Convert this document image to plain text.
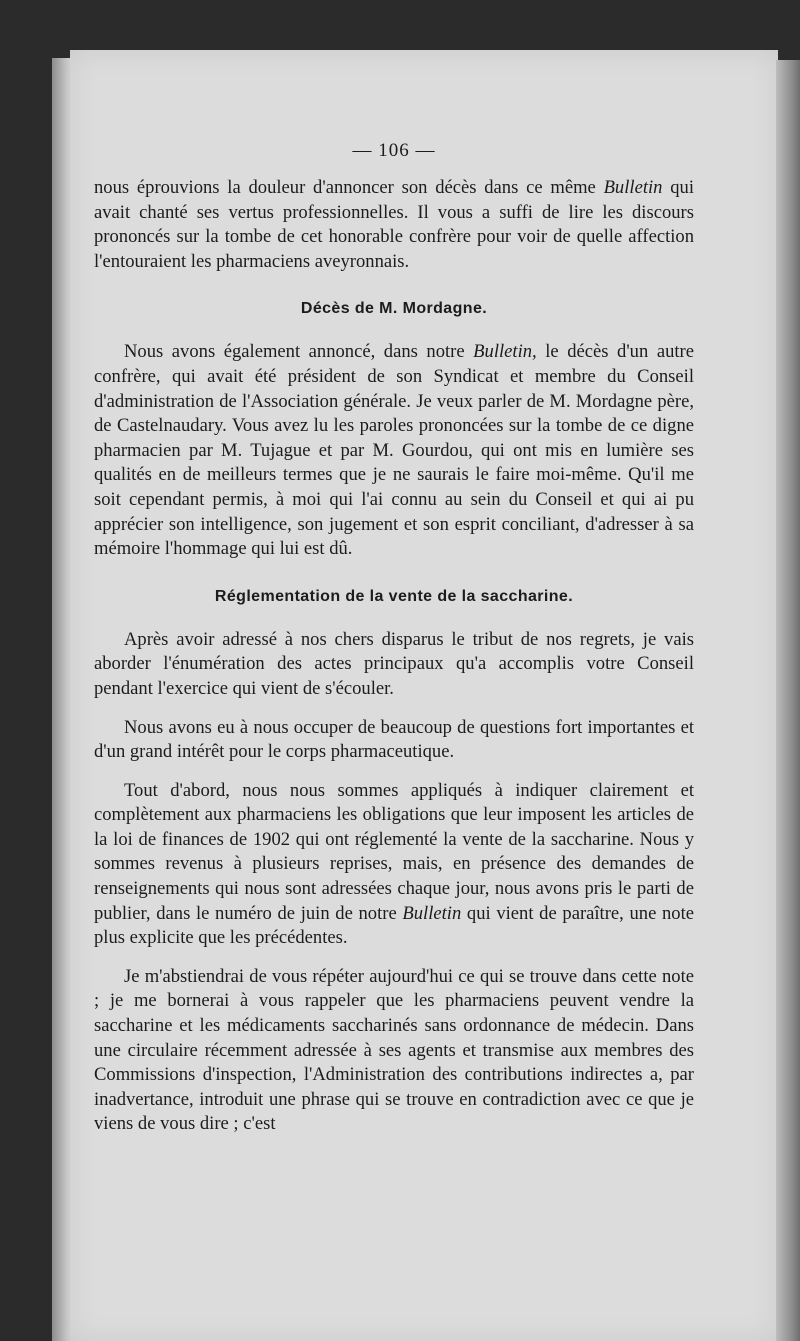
— 106 —

nous éprouvions la douleur d'annoncer son décès dans ce même Bulletin qui avait chanté ses vertus professionnelles. Il vous a suffi de lire les discours prononcés sur la tombe de cet honorable confrère pour voir de quelle affection l'entouraient les pharmaciens aveyronnais.

Décès de M. Mordagne.

Nous avons également annoncé, dans notre Bulletin, le décès d'un autre confrère, qui avait été président de son Syndicat et membre du Conseil d'administration de l'Association générale. Je veux parler de M. Mordagne père, de Castelnaudary. Vous avez lu les paroles prononcées sur la tombe de ce digne pharmacien par M. Tujague et par M. Gourdou, qui ont mis en lumière ses qualités en de meilleurs termes que je ne saurais le faire moi-même. Qu'il me soit cependant permis, à moi qui l'ai connu au sein du Conseil et qui ai pu apprécier son intelligence, son jugement et son esprit conciliant, d'adresser à sa mémoire l'hommage qui lui est dû.

Réglementation de la vente de la saccharine.

Après avoir adressé à nos chers disparus le tribut de nos regrets, je vais aborder l'énumération des actes principaux qu'a accomplis votre Conseil pendant l'exercice qui vient de s'écouler.

Nous avons eu à nous occuper de beaucoup de questions fort importantes et d'un grand intérêt pour le corps pharmaceutique.

Tout d'abord, nous nous sommes appliqués à indiquer clairement et complètement aux pharmaciens les obligations que leur imposent les articles de la loi de finances de 1902 qui ont réglementé la vente de la saccharine. Nous y sommes revenus à plusieurs reprises, mais, en présence des demandes de renseignements qui nous sont adressées chaque jour, nous avons pris le parti de publier, dans le numéro de juin de notre Bulletin qui vient de paraître, une note plus explicite que les précédentes.

Je m'abstiendrai de vous répéter aujourd'hui ce qui se trouve dans cette note ; je me bornerai à vous rappeler que les pharmaciens peuvent vendre la saccharine et les médicaments saccharinés sans ordonnance de médecin. Dans une circulaire récemment adressée à ses agents et transmise aux membres des Commissions d'inspection, l'Administration des contributions indirectes a, par inadvertance, introduit une phrase qui se trouve en contradiction avec ce que je viens de vous dire ; c'est
